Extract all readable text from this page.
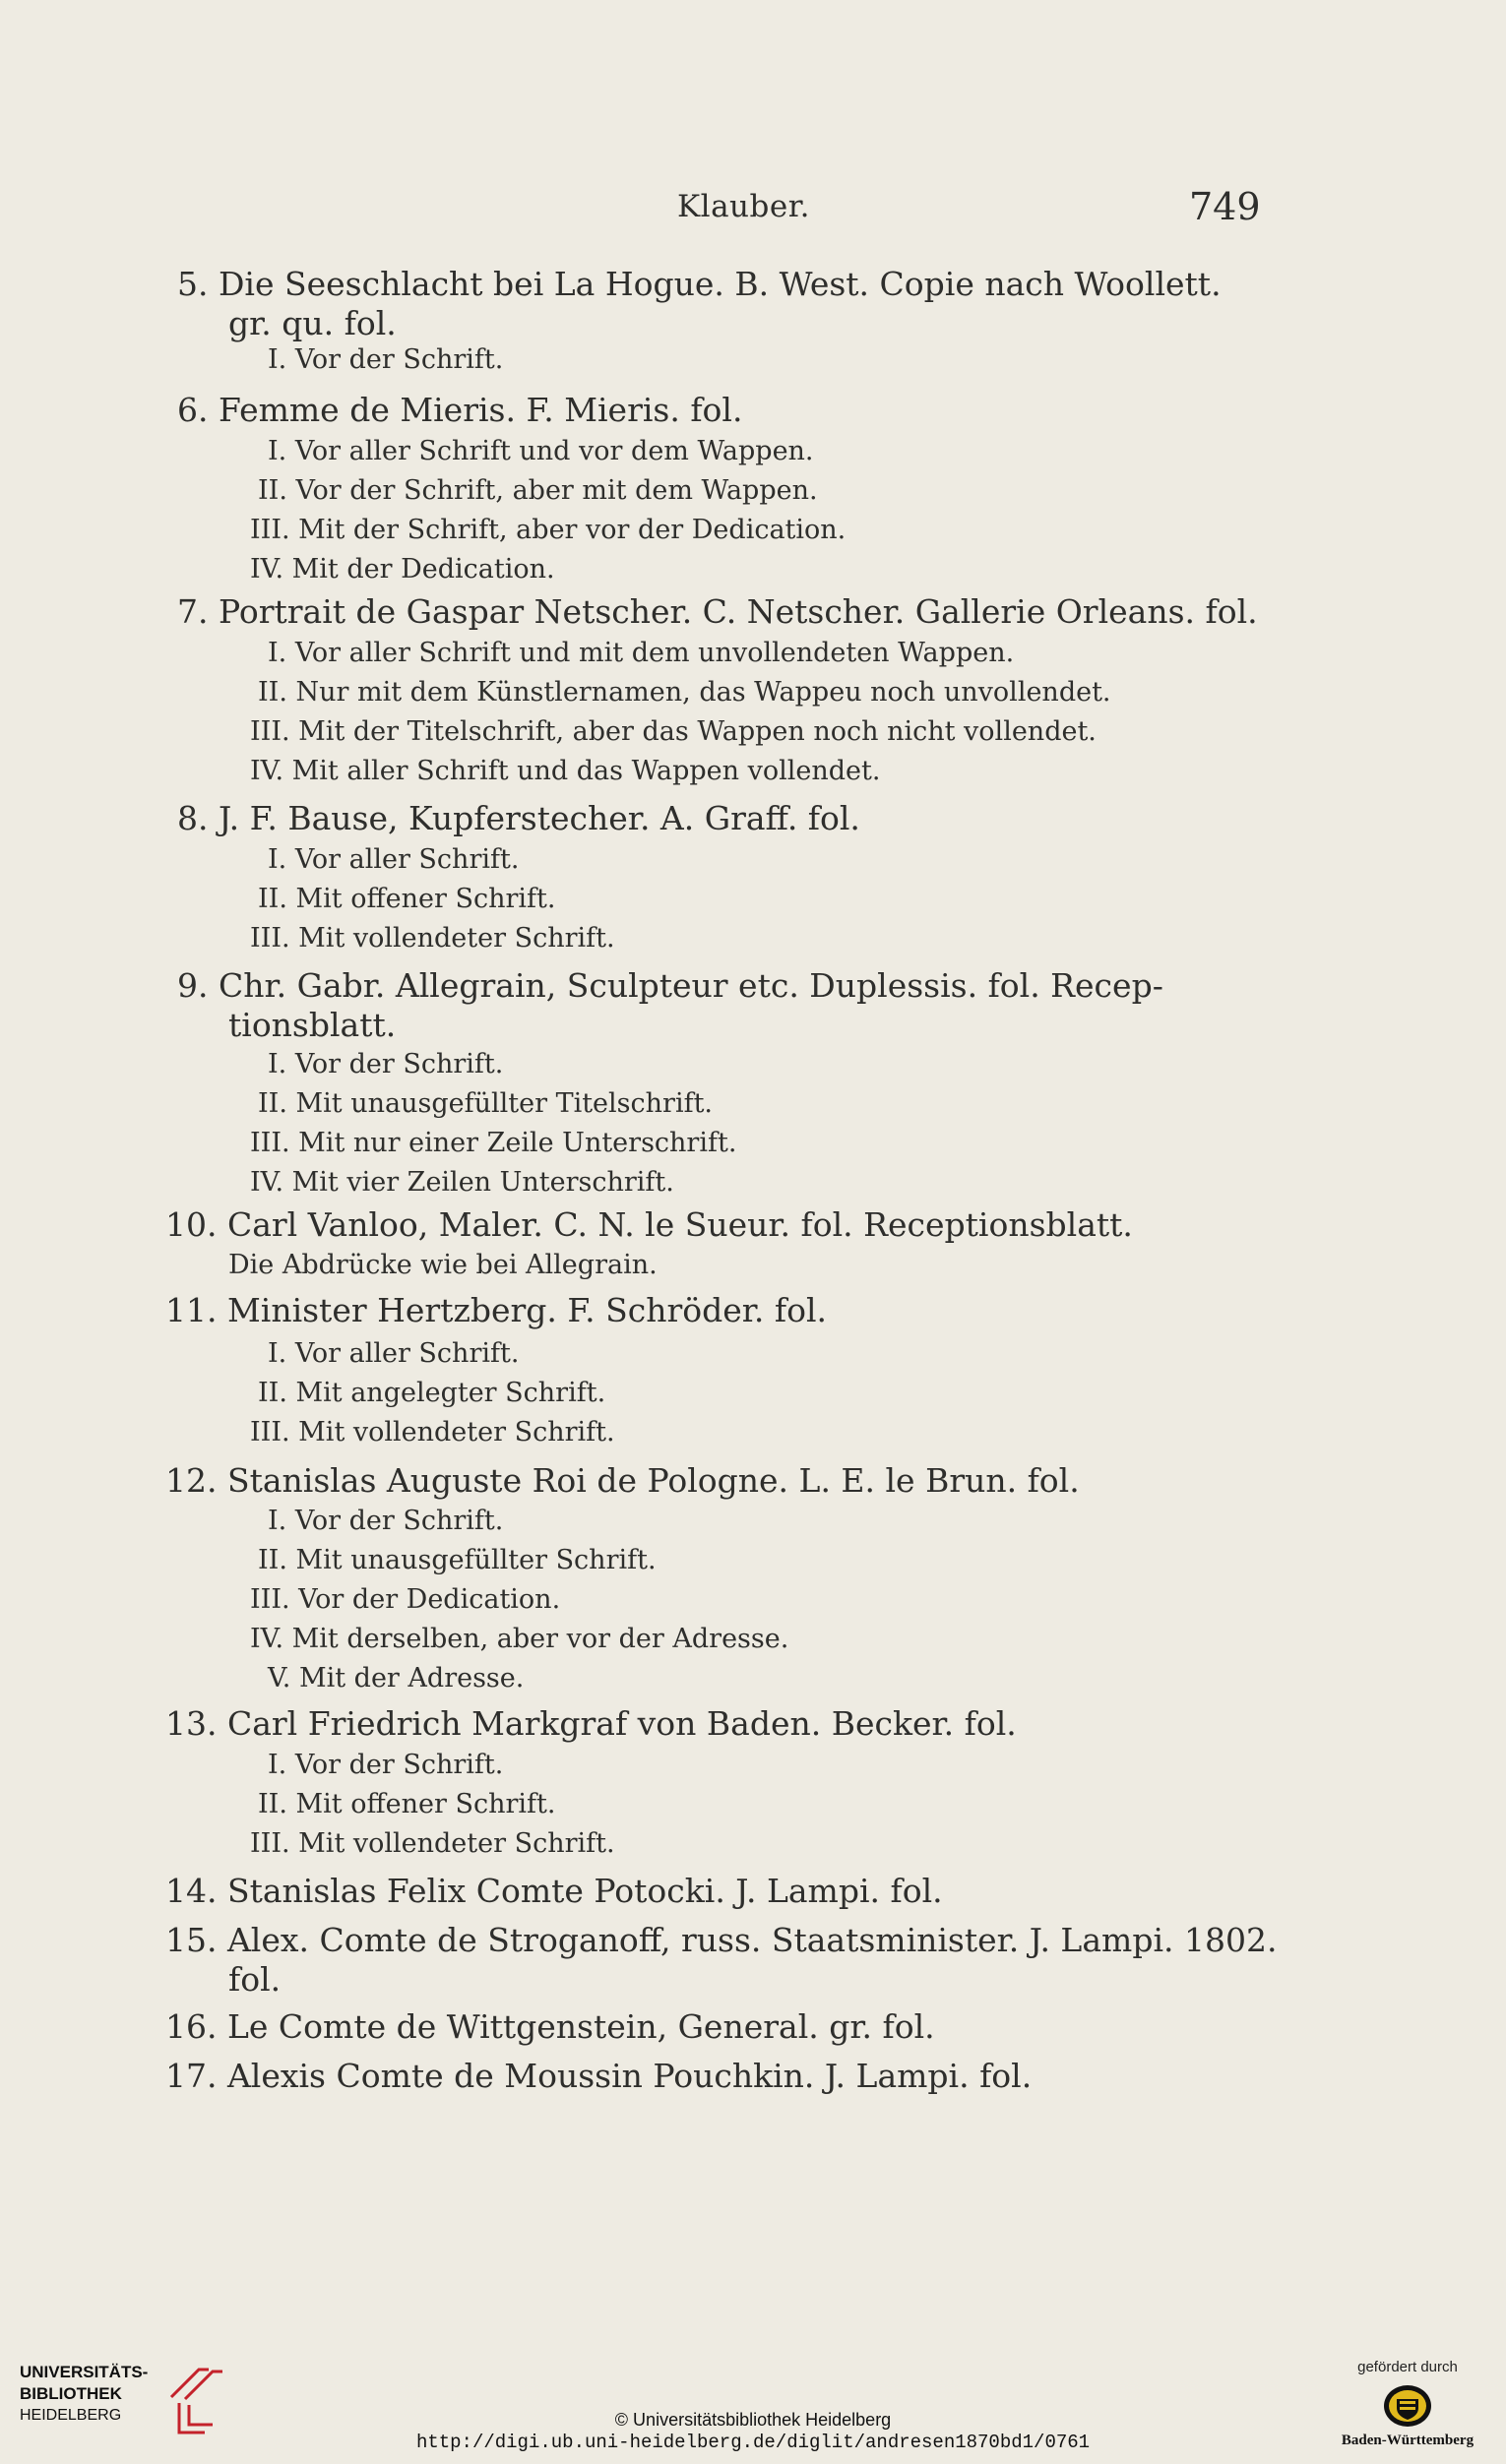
Klauber.	749
5. Die Seeschlacht bei La Hogue. B. West. Copie nach Woollett.
gr. qu. fol.
I. Vor der Schrift.
6. Femme de Mieris. F. Mieris. fol.
I. Vor aller Schrift und vor dem Wappen.
II. Vor der Schrift, aber mit dem Wappen.
III. Mit der Schrift, aber vor der Dedication.
IV. Mit der Dedication.
7. Portrait de Gaspar Netscher. C. Netscher. Gallerie Orleans. fol.
I. Vor aller Schrift und mit dem unvollendeten Wappen.
II. Nur mit dem Künstlernamen, das Wappeu noch unvollendet.
III. Mit der Titelschrift, aber das Wappen noch nicht vollendet.
IV. Mit aller Schrift und das Wappen vollendet.
8. J. F. Bause, Kupferstecher. A. Graff. fol.
I. Vor aller Schrift.
II. Mit offener Schrift.
III. Mit vollendeter Schrift.
9. Chr. Gabr. Allegrain, Sculpteur etc. Duplessis. fol. Recep-
tionsblatt.
I. Vor der Schrift.
II. Mit unausgefüllter Titelschrift.
III. Mit nur einer Zeile Unterschrift.
IV. Mit vier Zeilen Unterschrift.
10. Carl Vanloo, Maler. C. N. le Sueur. fol. Receptionsblatt.
Die Abdrücke wie bei Allegrain.
11. Minister Hertzberg. F. Schröder. fol.
I. Vor aller Schrift.
II. Mit angelegter Schrift.
III. Mit vollendeter Schrift.
12. Stanislas Auguste Roi de Pologne. L. E. le Brun. fol.
I. Vor der Schrift.
II. Mit unausgefüllter Schrift.
III. Vor der Dedication.
IV. Mit derselben, aber vor der Adresse.
V. Mit der Adresse.
13. Carl Friedrich Markgraf von Baden. Becker. fol.
I. Vor der Schrift.
II. Mit offener Schrift.
III. Mit vollendeter Schrift.
14. Stanislas Felix Comte Potocki. J. Lampi. fol.
15. Alex. Comte de Stroganoff, russ. Staatsminister. J. Lampi. 1802.
fol.
16. Le Comte de Wittgenstein, General. gr. fol.
17. Alexis Comte de Moussin Pouchkin. J. Lampi. fol.
UNIVERSITÄTS-
BIBLIOTHEK
HEIDELBERG	© Universitätsbibliothek Heidelberg
http://digi.ub.uni-heidelberg.de/diglit/andresen1870bd1/0761
gefördert durch
Baden-Württemberg
